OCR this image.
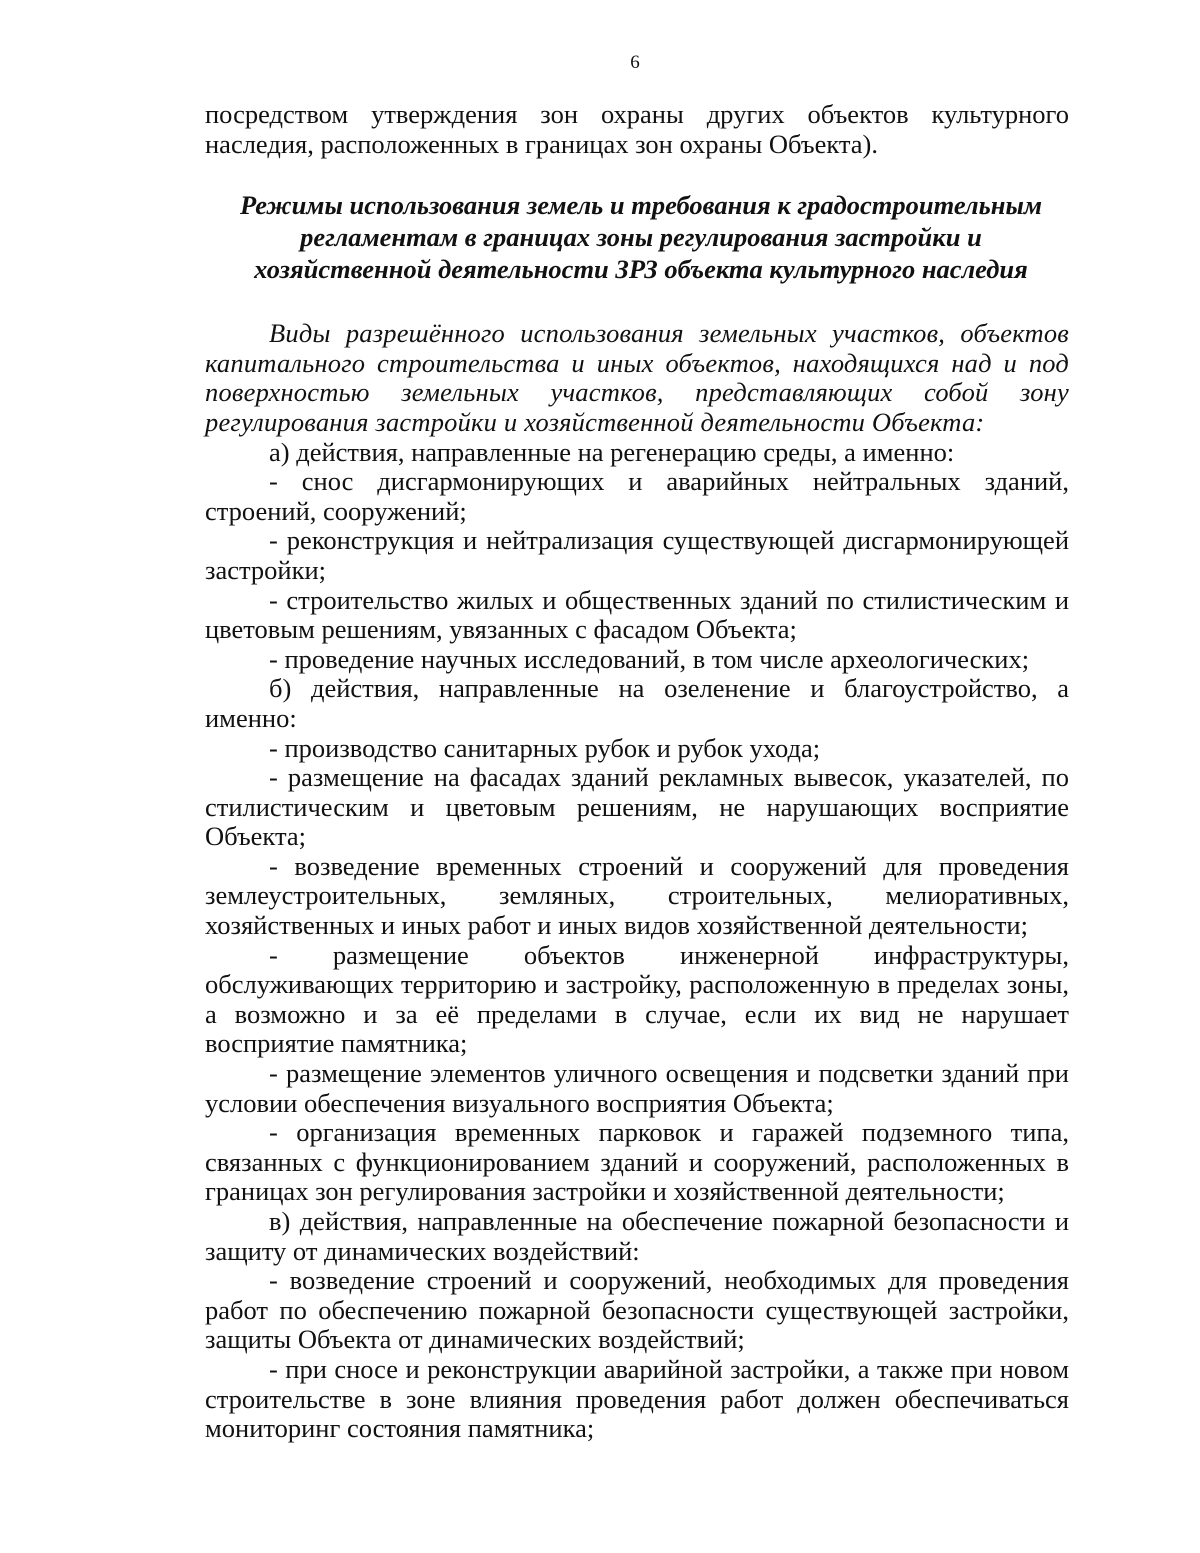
6

посредством утверждения зон охраны других объектов культурного наследия, расположенных в границах зон охраны Объекта).

Режимы использования земель и требования к градостроительным регламентам в границах зоны регулирования застройки и хозяйственной деятельности ЗРЗ объекта культурного наследия

Виды разрешённого использования земельных участков, объектов капитального строительства и иных объектов, находящихся над и под поверхностью земельных участков, представляющих собой зону регулирования застройки и хозяйственной деятельности Объекта:

а) действия, направленные на регенерацию среды, а именно:

- снос дисгармонирующих и аварийных нейтральных зданий, строений, сооружений;

- реконструкция и нейтрализация существующей дисгармонирующей застройки;

- строительство жилых и общественных зданий по стилистическим и цветовым решениям, увязанных с фасадом Объекта;

- проведение научных исследований, в том числе археологических;

б) действия, направленные на озеленение и благоустройство, а именно:

- производство санитарных рубок и рубок ухода;

- размещение на фасадах зданий рекламных вывесок, указателей, по стилистическим и цветовым решениям, не нарушающих восприятие Объекта;

- возведение временных строений и сооружений для проведения землеустроительных, земляных, строительных, мелиоративных, хозяйственных и иных работ и иных видов хозяйственной деятельности;

- размещение объектов инженерной инфраструктуры, обслуживающих территорию и застройку, расположенную в пределах зоны, а возможно и за её пределами в случае, если их вид не нарушает восприятие памятника;

- размещение элементов уличного освещения и подсветки зданий при условии обеспечения визуального восприятия Объекта;

- организация временных парковок и гаражей подземного типа, связанных с функционированием зданий и сооружений, расположенных в границах зон регулирования застройки и хозяйственной деятельности;

в) действия, направленные на обеспечение пожарной безопасности и защиту от динамических воздействий:

- возведение строений и сооружений, необходимых для проведения работ по обеспечению пожарной безопасности существующей застройки, защиты Объекта от динамических воздействий;

- при сносе и реконструкции аварийной застройки, а также при новом строительстве в зоне влияния проведения работ должен обеспечиваться мониторинг состояния памятника;
